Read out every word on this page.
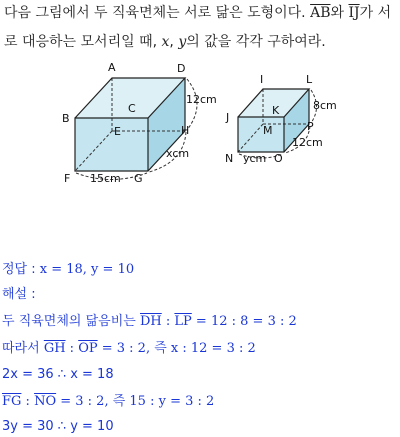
다음 그림에서 두 직육면체는 서로 닮은 도형이다. $\overline{AB}$와 $\overline{IJ}$가 서
로 대응하는 모서리일 때, x, y의 값을 각각 구하여라.
A
B
C
D
E
F	G
H
12cm
xcm
15cm
I
J
K
L
M
N	O
P
8cm
12cm
ycm
정답 : x = 18, y = 10
해설 :
두 직육면체의 닮음비는 $\overline{DH}$ : $\overline{LP} = 12$ : 8 = 3 : 2
따라서 $\overline{GH}$ : $\overline{OP} = 3$ : 2, 즉 x : 12 = 3 : 2
2x = 36 ∴ x = 18
$\overline{FG}$ : $\overline{NO} = 3$ : 2, 즉 15 : y = 3 : 2
3y = 30 ∴ y = 10
